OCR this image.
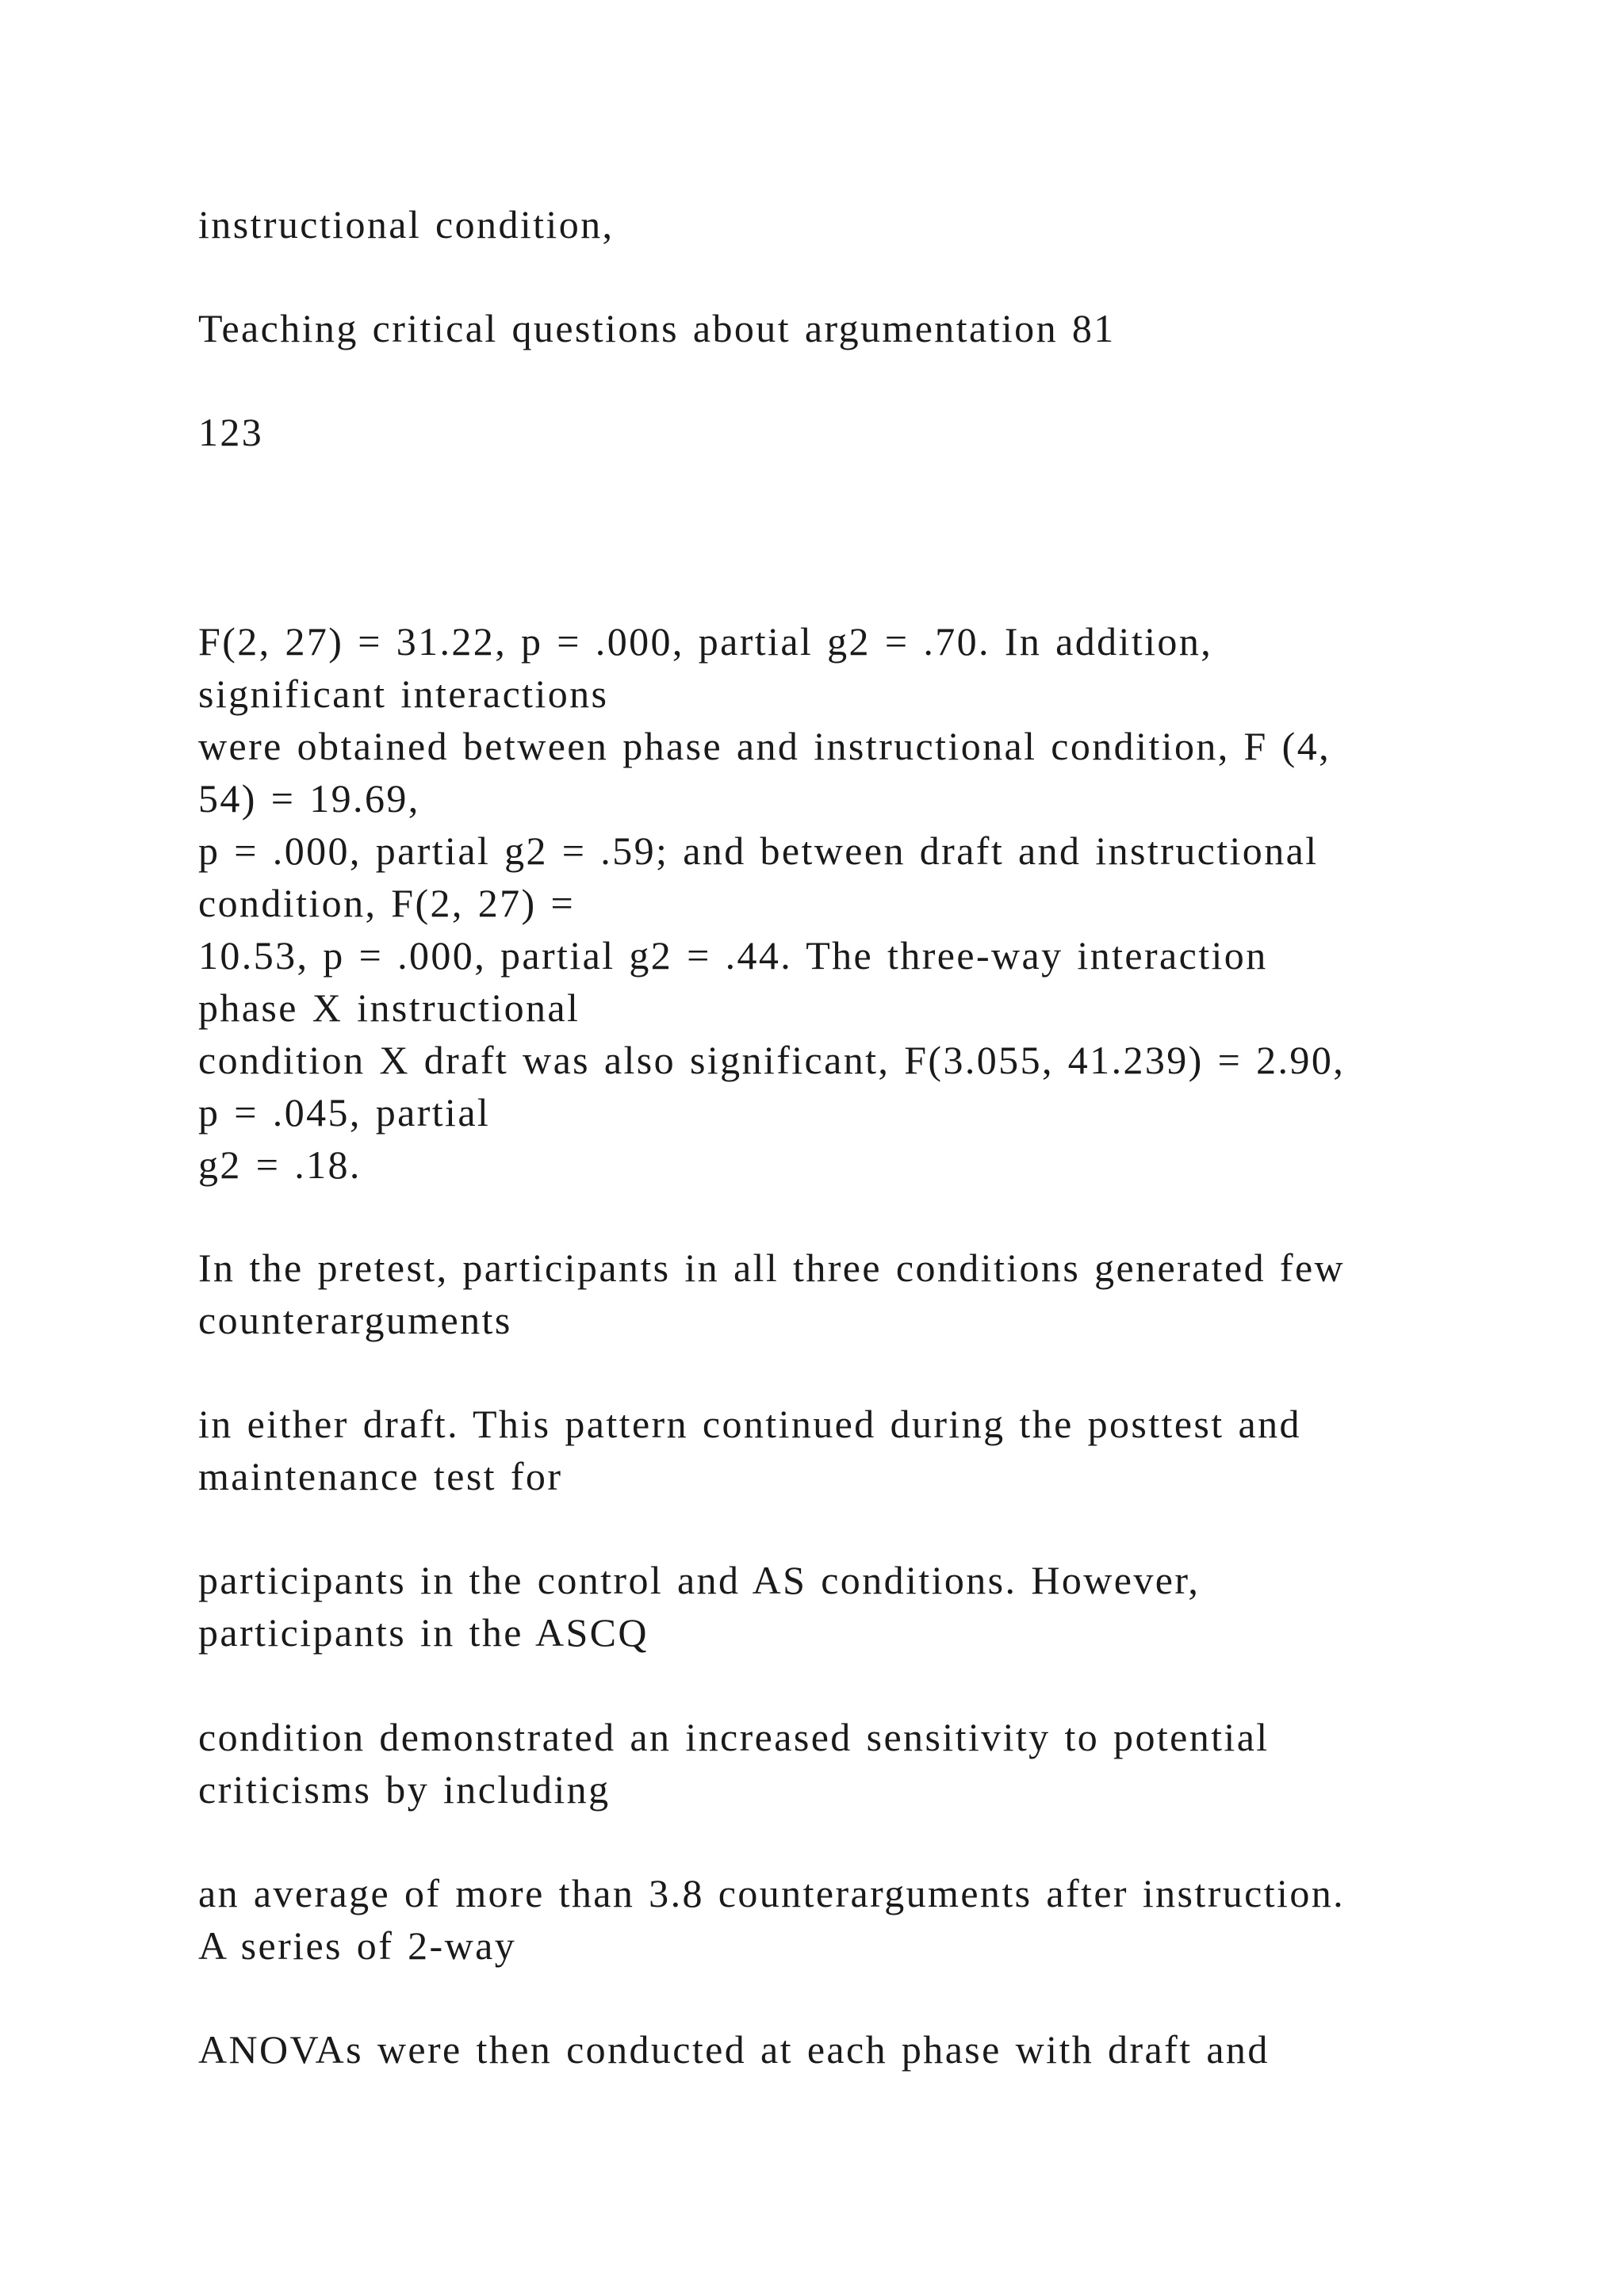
instructional condition,
Teaching critical questions about argumentation 81
123
F(2, 27) = 31.22, p = .000, partial g2 = .70. In addition,
significant interactions
were obtained between phase and instructional condition, F (4,
54) = 19.69,
p = .000, partial g2 = .59; and between draft and instructional
condition, F(2, 27) =
10.53, p = .000, partial g2 = .44. The three-way interaction
phase X instructional
condition X draft was also significant, F(3.055, 41.239) = 2.90,
p = .045, partial
g2 = .18.
In the pretest, participants in all three conditions generated few
counterarguments
in either draft. This pattern continued during the posttest and
maintenance test for
participants in the control and AS conditions. However,
participants in the ASCQ
condition demonstrated an increased sensitivity to potential
criticisms by including
an average of more than 3.8 counterarguments after instruction.
A series of 2-way
ANOVAs were then conducted at each phase with draft and
